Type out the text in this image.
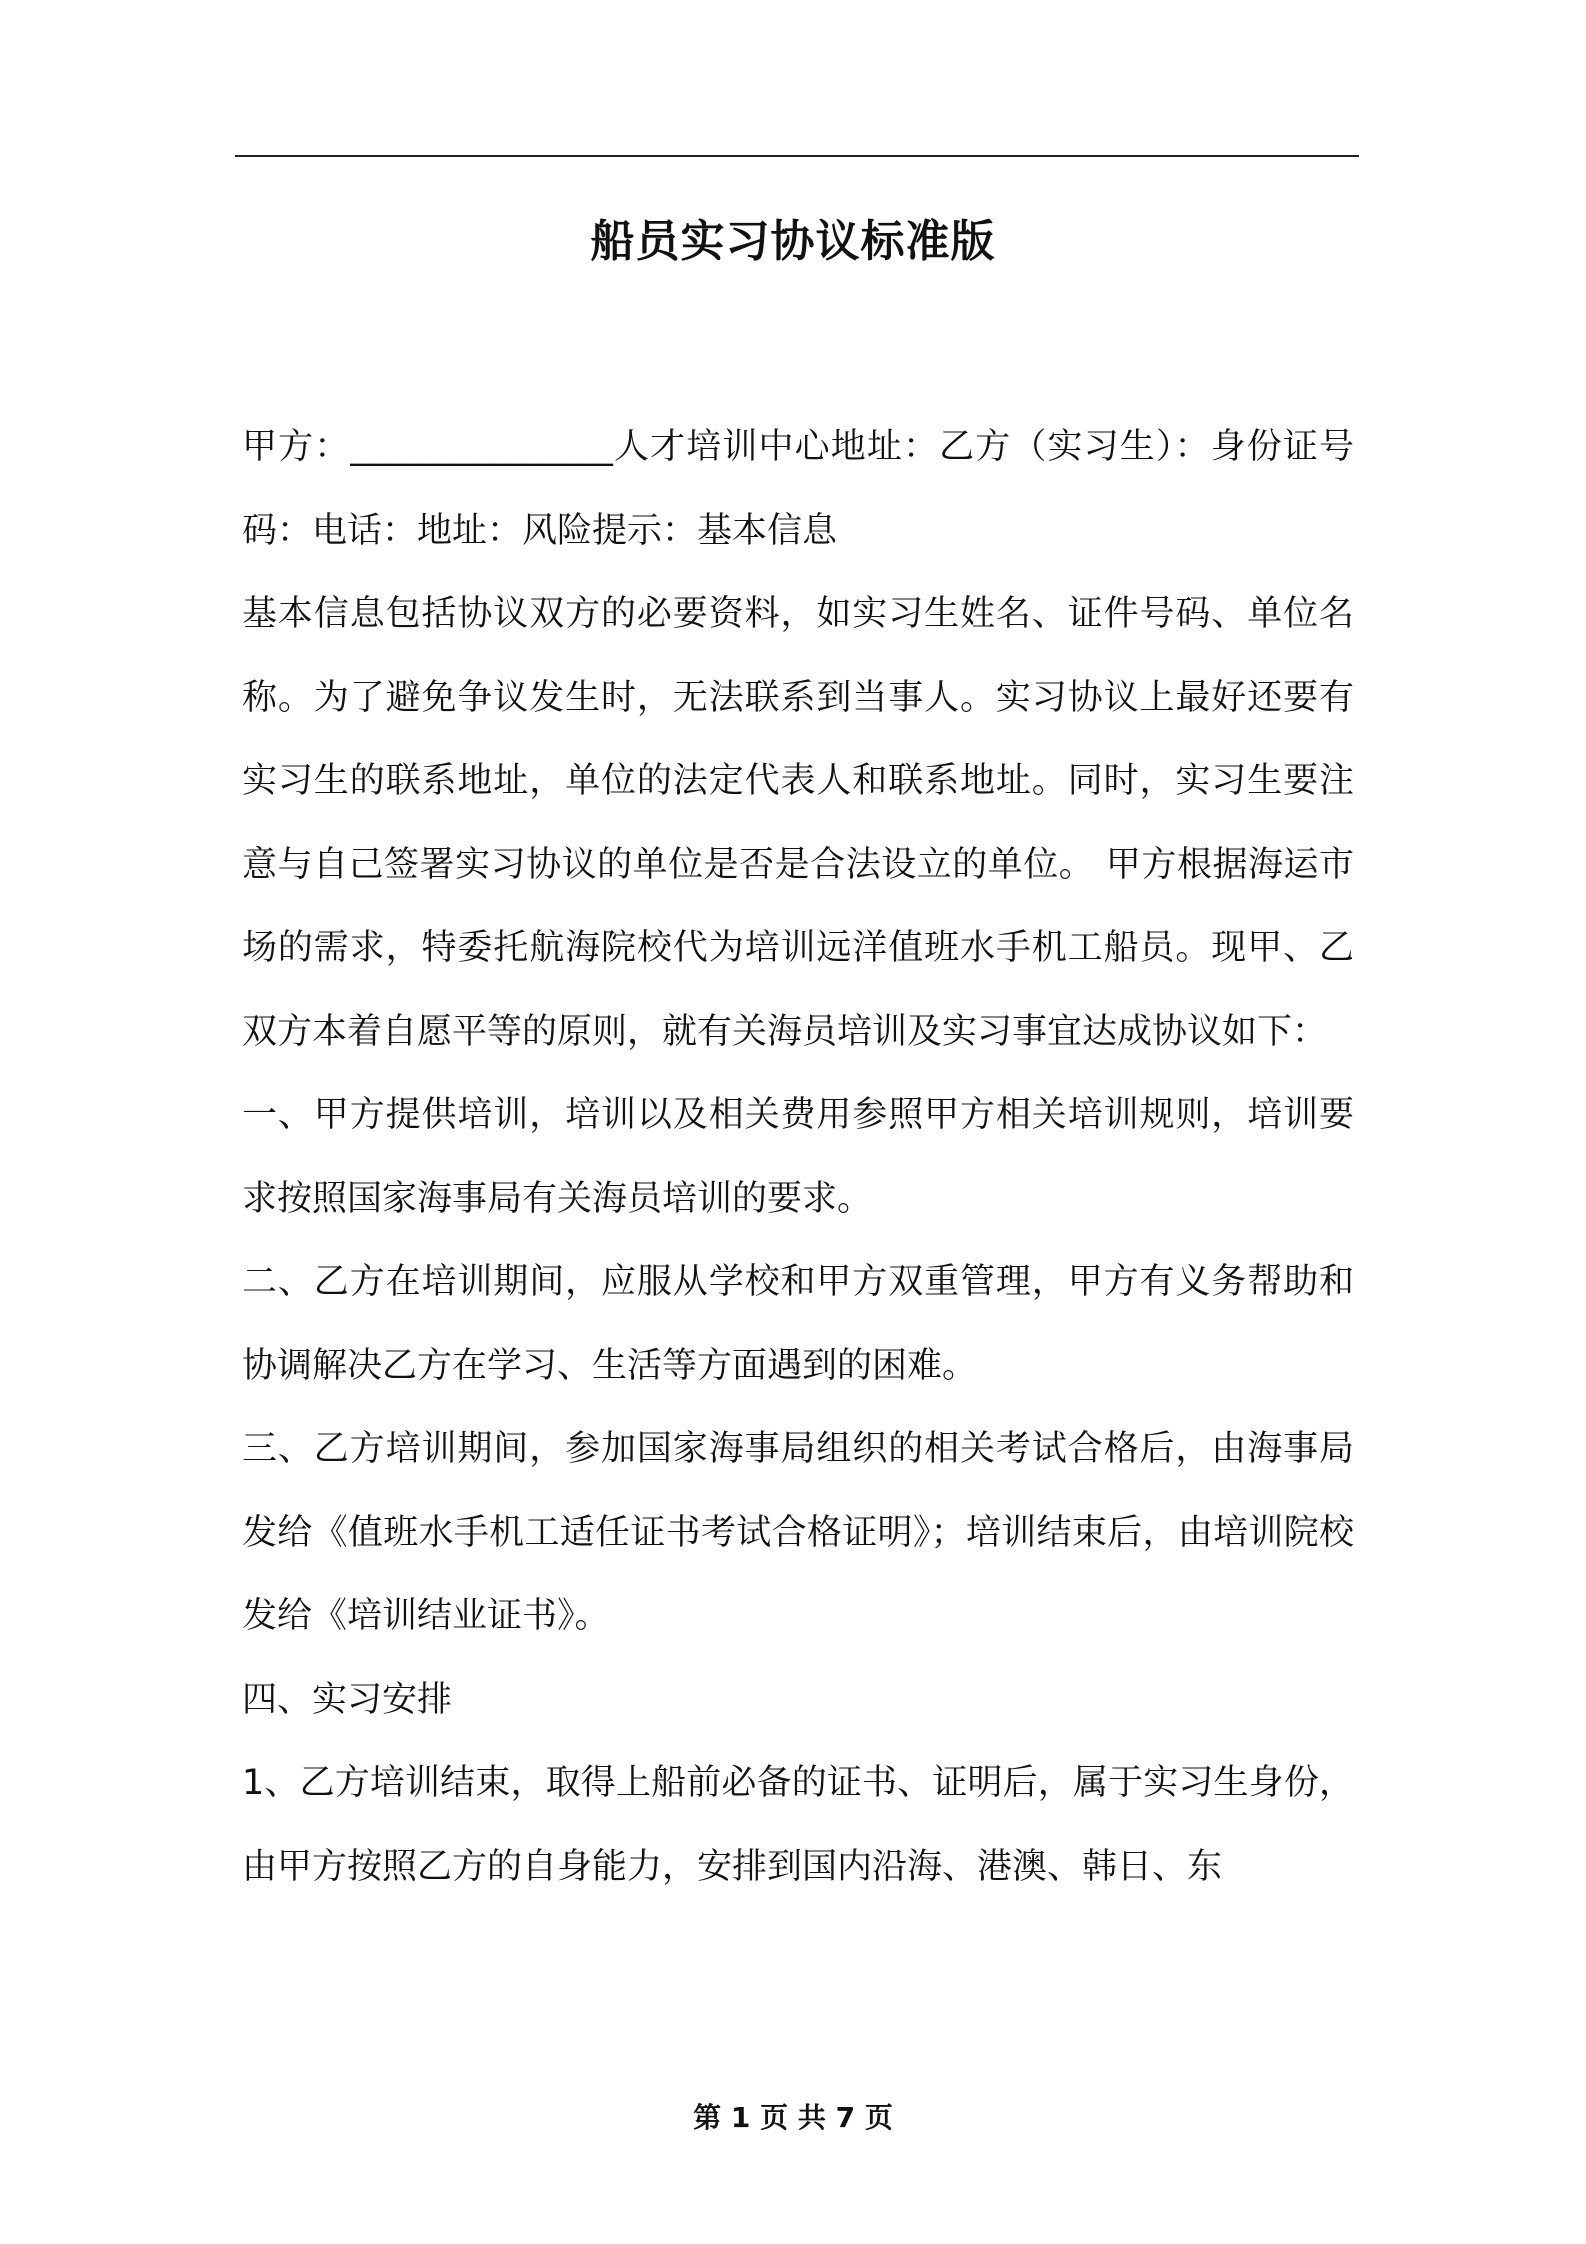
船员实习协议标准版

甲方：_______________人才培训中心地址：乙方（实习生）：身份证号码：电话：地址：风险提示：基本信息

基本信息包括协议双方的必要资料，如实习生姓名、证件号码、单位名称。为了避免争议发生时，无法联系到当事人。实习协议上最好还要有实习生的联系地址，单位的法定代表人和联系地址。同时，实习生要注意与自己签署实习协议的单位是否是合法设立的单位。 甲方根据海运市场的需求，特委托航海院校代为培训远洋值班水手机工船员。现甲、乙双方本着自愿平等的原则，就有关海员培训及实习事宜达成协议如下：

一、甲方提供培训，培训以及相关费用参照甲方相关培训规则，培训要求按照国家海事局有关海员培训的要求。

二、乙方在培训期间，应服从学校和甲方双重管理，甲方有义务帮助和协调解决乙方在学习、生活等方面遇到的困难。

三、乙方培训期间，参加国家海事局组织的相关考试合格后，由海事局发给《值班水手机工适任证书考试合格证明》；培训结束后，由培训院校发给《培训结业证书》。

四、实习安排

1、乙方培训结束，取得上船前必备的证书、证明后，属于实习生身份，由甲方按照乙方的自身能力，安排到国内沿海、港澳、韩日、东

第 1 页 共 7 页
